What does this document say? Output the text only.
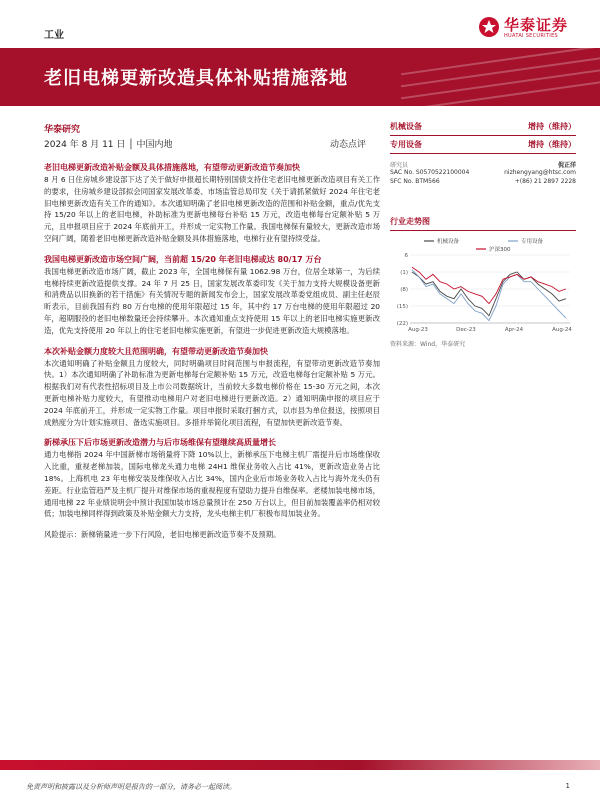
工业
华泰证券
HUATAI SECURITIES
老旧电梯更新改造具体补贴措施落地
华泰研究
2024 年 8 月 11 日 │ 中国内地	动态点评
老旧电梯更新改造补贴金额及具体措施落地，有望带动更新改造节奏加快
8 月 6 日住房城乡建设部下达了关于做好申报超长期特别国债支持住宅老旧电梯更新改造项目有关工作的要求，住房城乡建设部拟会同国家发展改革委、市场监管总局印发《关于请抓紧做好 2024 年住宅老旧电梯更新改造有关工作的通知》。本次通知明确了老旧电梯更新改造的范围和补贴金额，重点/优先支持 15/20 年以上的老旧电梯，补助标准为更新电梯每台补贴 15 万元，改造电梯每台定额补贴 5 万元，且申报项目应于 2024 年底前开工，并形成一定实物工作量。我国电梯保有量较大，更新改造市场空间广阔，随着老旧电梯更新改造补贴金额及具体措施落地，电梯行业有望持续受益。
我国电梯更新改造市场空间广阔，当前超 15/20 年老旧电梯或达 80/17 万台
我国电梯更新改造市场广阔，截止 2023 年，全国电梯保有量 1062.98 万台，位居全球第一，为后续电梯持续更新改造提供支撑。24 年 7 月 25 日，国家发展改革委印发《关于加力支持大规模设备更新和消费品以旧换新的若干措施》有关情况专题的新闻发布会上，国家发展改革委党组成员、副主任赵辰昕表示，目前我国有约 80 万台电梯的使用年限超过 15 年，其中约 17 万台电梯的使用年限超过 20 年，超期服役的老旧电梯数量还会持续攀升。本次通知重点支持使用 15 年以上的老旧电梯实施更新改造，优先支持使用 20 年以上的住宅老旧电梯实施更新，有望进一步促进更新改造大规模落地。
本次补贴金额力度较大且范围明确，有望带动更新改造节奏加快
本次通知明确了补贴金额且力度较大，同时明确项目时间范围与申报流程，有望带动更新改造节奏加快。1）本次通知明确了补助标准为更新电梯每台定额补贴 15 万元，改造电梯每台定额补贴 5 万元。根据我们对有代表性招标项目及上市公司数据统计，当前较大多数电梯价格在 15-30 万元之间，本次更新电梯补贴力度较大，有望推动电梯用户对老旧电梯进行更新改造。2）通知明确申报的项目应于 2024 年底前开工，并形成一定实物工作量。项目申报时采取打捆方式，以市县为单位报送，按照项目成熟度分为计划实施项目、备选实施项目。多措并举简化项目流程，有望加快更新改造节奏。
新梯承压下后市场更新改造潜力与后市场维保有望继续高质量增长
通力电梯指 2024 年中国新梯市场销量将下降 10%以上，新梯承压下电梯主机厂需提升后市场维保收入比重，重视老梯加装，国际电梯龙头通力电梯 24H1 维保业务收入占比 41%，更新改造业务占比 18%。上海机电 23 年电梯安装及维保收入占比 34%，国内企业后市场业务收入占比与海外龙头仍有差距。行业监管趋严及主机厂提升对维保市场的重视程度有望助力提升自维保率。老楼加装电梯市场，通用电梯 22 年业绩说明会中预计我国加装市场总量预计在 250 万台以上，但目前加装覆盖率仍相对较低；加装电梯同样得到政策及补贴金额大力支持，龙头电梯主机厂积极布局加装业务。
风险提示：新梯销量进一步下行风险，老旧电梯更新改造节奏不及预期。
机械设备	增持（维持）
专用设备	增持（维持）
研究员	倪正洋
SAC No. S0570522100004	nizhengyang@htsc.com
SFC No. BTM566	+(86) 21 2897 2228
行业走势图
6
(1)
(8)
(15)
(22)
Aug-23	Dec-23	Apr-24	Aug-24
机械设备	专用设备
沪深300
资料来源：Wind，华泰研究
免责声明和披露以及分析师声明是报告的一部分，请务必一起阅读。	1
